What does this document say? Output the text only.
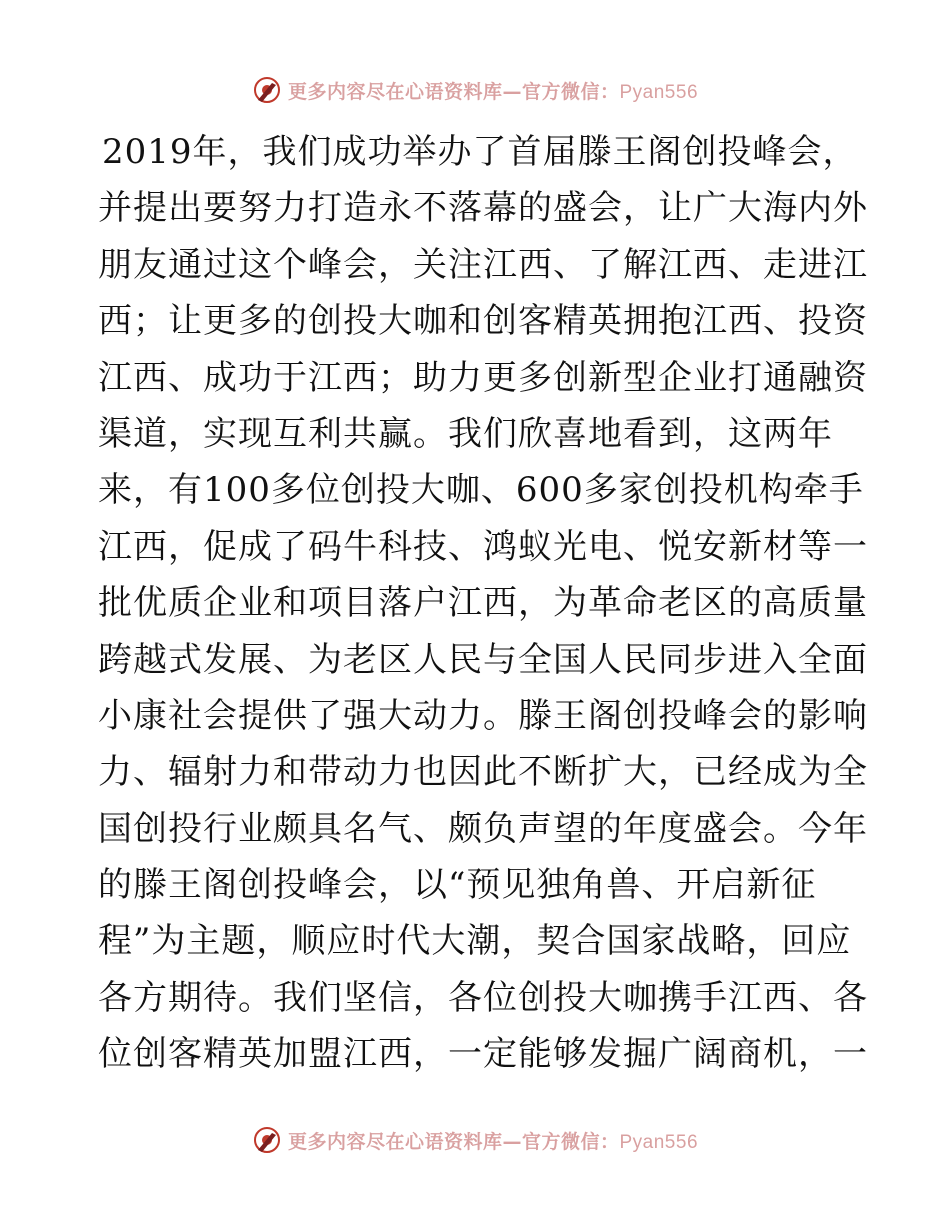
更多内容尽在心语资料库—官方微信：Pyan556
2019年，我们成功举办了首届滕王阁创投峰会，
并提出要努力打造永不落幕的盛会，让广大海内外
朋友通过这个峰会，关注江西、了解江西、走进江
西；让更多的创投大咖和创客精英拥抱江西、投资
江西、成功于江西；助力更多创新型企业打通融资
渠道，实现互利共赢。我们欣喜地看到，这两年
来，有100多位创投大咖、600多家创投机构牵手
江西，促成了码牛科技、鸿蚁光电、悦安新材等一
批优质企业和项目落户江西，为革命老区的高质量
跨越式发展、为老区人民与全国人民同步进入全面
小康社会提供了强大动力。滕王阁创投峰会的影响
力、辐射力和带动力也因此不断扩大，已经成为全
国创投行业颇具名气、颇负声望的年度盛会。今年
的滕王阁创投峰会，以“预见独角兽、开启新征
程”为主题，顺应时代大潮，契合国家战略，回应
各方期待。我们坚信，各位创投大咖携手江西、各
位创客精英加盟江西，一定能够发掘广阔商机，一
更多内容尽在心语资料库—官方微信：Pyan556
